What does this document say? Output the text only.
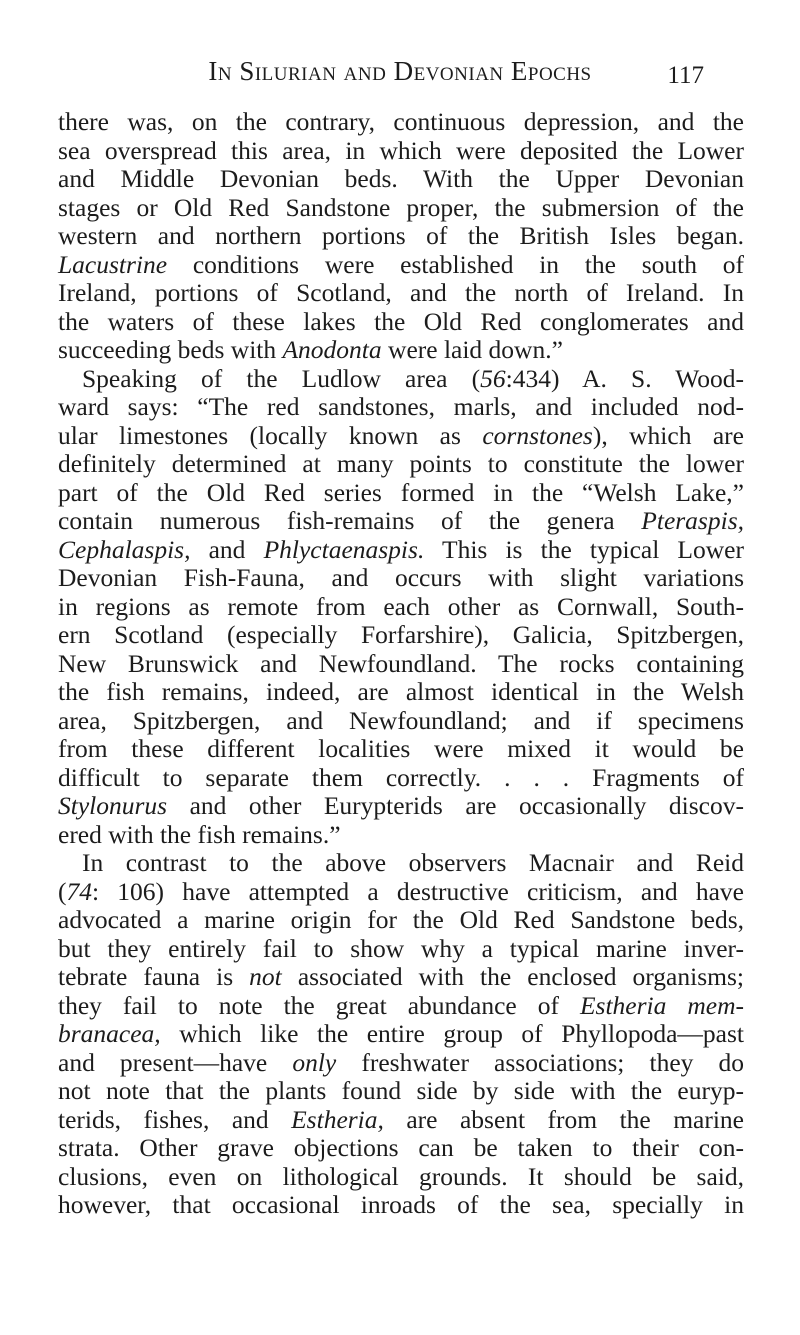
In Silurian and Devonian Epochs	117
there was, on the contrary, continuous depression, and the
sea overspread this area, in which were deposited the Lower
and Middle Devonian beds. With the Upper Devonian
stages or Old Red Sandstone proper, the submersion of the
western and northern portions of the British Isles began.
Lacustrine conditions were established in the south of
Ireland, portions of Scotland, and the north of Ireland. In
the waters of these lakes the Old Red conglomerates and
succeeding beds with Anodonta were laid down.”
Speaking of the Ludlow area (56:434) A. S. Wood-
ward says: “The red sandstones, marls, and included nod-
ular limestones (locally known as cornstones), which are
definitely determined at many points to constitute the lower
part of the Old Red series formed in the “Welsh Lake,”
contain numerous fish-remains of the genera Pteraspis,
Cephalaspis, and Phlyctaenaspis. This is the typical Lower
Devonian Fish-Fauna, and occurs with slight variations
in regions as remote from each other as Cornwall, South-
ern Scotland (especially Forfarshire), Galicia, Spitzbergen,
New Brunswick and Newfoundland. The rocks containing
the fish remains, indeed, are almost identical in the Welsh
area, Spitzbergen, and Newfoundland; and if specimens
from these different localities were mixed it would be
difficult to separate them correctly. . . . Fragments of
Stylonurus and other Eurypterids are occasionally discov-
ered with the fish remains.”
In contrast to the above observers Macnair and Reid
(74: 106) have attempted a destructive criticism, and have
advocated a marine origin for the Old Red Sandstone beds,
but they entirely fail to show why a typical marine inver-
tebrate fauna is not associated with the enclosed organisms;
they fail to note the great abundance of Estheria mem-
branacea, which like the entire group of Phyllopoda—past
and present—have only freshwater associations; they do
not note that the plants found side by side with the euryp-
terids, fishes, and Estheria, are absent from the marine
strata. Other grave objections can be taken to their con-
clusions, even on lithological grounds. It should be said,
however, that occasional inroads of the sea, specially in
